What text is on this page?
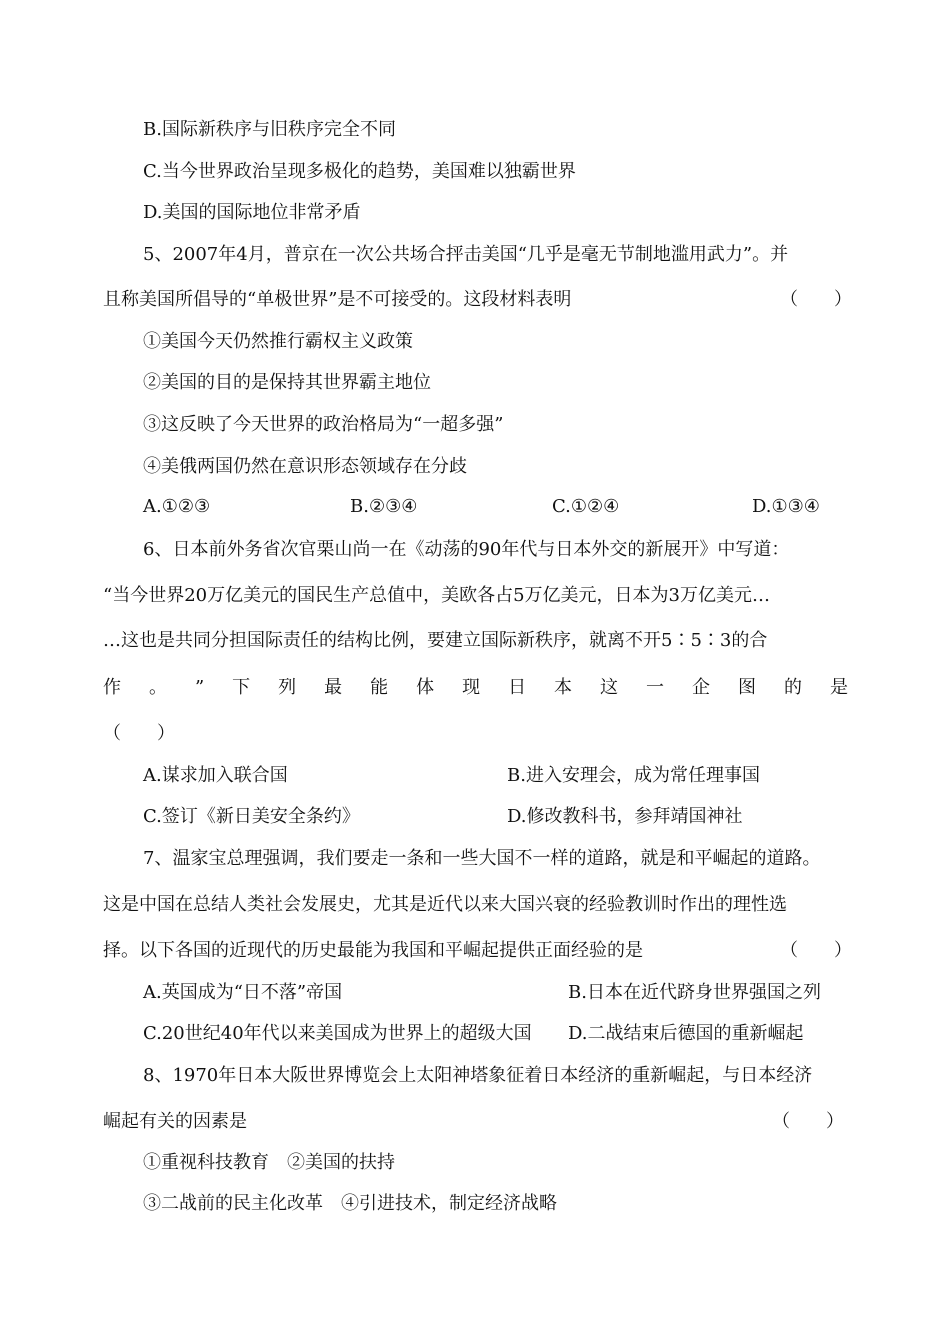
B.国际新秩序与旧秩序完全不同
C.当今世界政治呈现多极化的趋势，美国难以独霸世界
D.美国的国际地位非常矛盾
5、2007年4月，普京在一次公共场合抨击美国“几乎是毫无节制地滥用武力”。并
且称美国所倡导的“单极世界”是不可接受的。这段材料表明	（　　）
①美国今天仍然推行霸权主义政策
②美国的目的是保持其世界霸主地位
③这反映了今天世界的政治格局为“一超多强”
④美俄两国仍然在意识形态领域存在分歧
A.①②③	B.②③④	C.①②④	D.①③④
6、日本前外务省次官栗山尚一在《动荡的90年代与日本外交的新展开》中写道：
“当今世界20万亿美元的国民生产总值中，美欧各占5万亿美元，日本为3万亿美元…
…这也是共同分担国际责任的结构比例，要建立国际新秩序，就离不开5∶5∶3的合
作 。 ” 下 列 最 能 体 现 日 本 这 一 企 图 的 是
（　　）
A.谋求加入联合国	B.进入安理会，成为常任理事国
C.签订《新日美安全条约》	D.修改教科书，参拜靖国神社
7、温家宝总理强调，我们要走一条和一些大国不一样的道路，就是和平崛起的道路。
这是中国在总结人类社会发展史，尤其是近代以来大国兴衰的经验教训时作出的理性选
择。以下各国的近现代的历史最能为我国和平崛起提供正面经验的是	（　　）
A.英国成为“日不落”帝国	B.日本在近代跻身世界强国之列
C.20世纪40年代以来美国成为世界上的超级大国 D.二战结束后德国的重新崛起
8、1970年日本大阪世界博览会上太阳神塔象征着日本经济的重新崛起，与日本经济
崛起有关的因素是	（　　）
①重视科技教育　②美国的扶持
③二战前的民主化改革　④引进技术，制定经济战略
